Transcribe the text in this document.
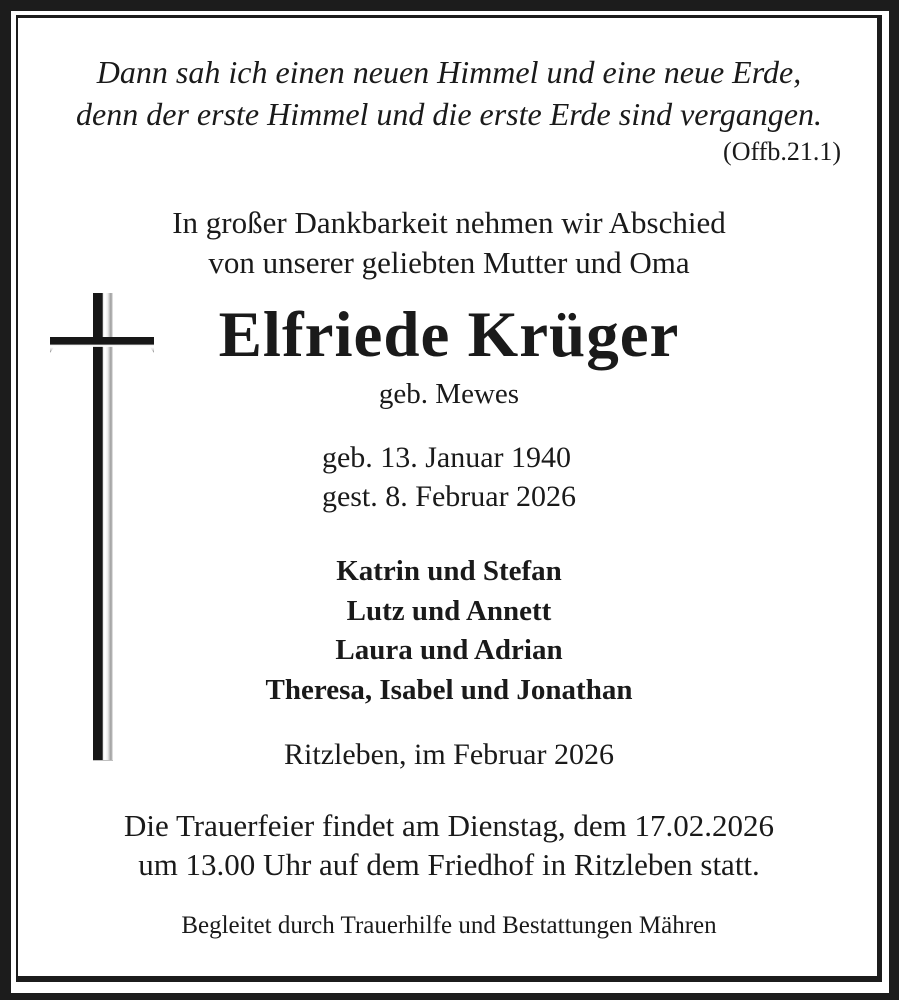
Dann sah ich einen neuen Himmel und eine neue Erde,
denn der erste Himmel und die erste Erde sind vergangen.
(Offb.21.1)
In großer Dankbarkeit nehmen wir Abschied
von unserer geliebten Mutter und Oma
Elfriede Krüger
geb. Mewes
geb. 13. Januar 1940
gest. 8. Februar 2026
Katrin und Stefan
Lutz und Annett
Laura und Adrian
Theresa, Isabel und Jonathan
Ritzleben, im Februar 2026
Die Trauerfeier findet am Dienstag, dem 17.02.2026
um 13.00 Uhr auf dem Friedhof in Ritzleben statt.
Begleitet durch Trauerhilfe und Bestattungen Mähren
